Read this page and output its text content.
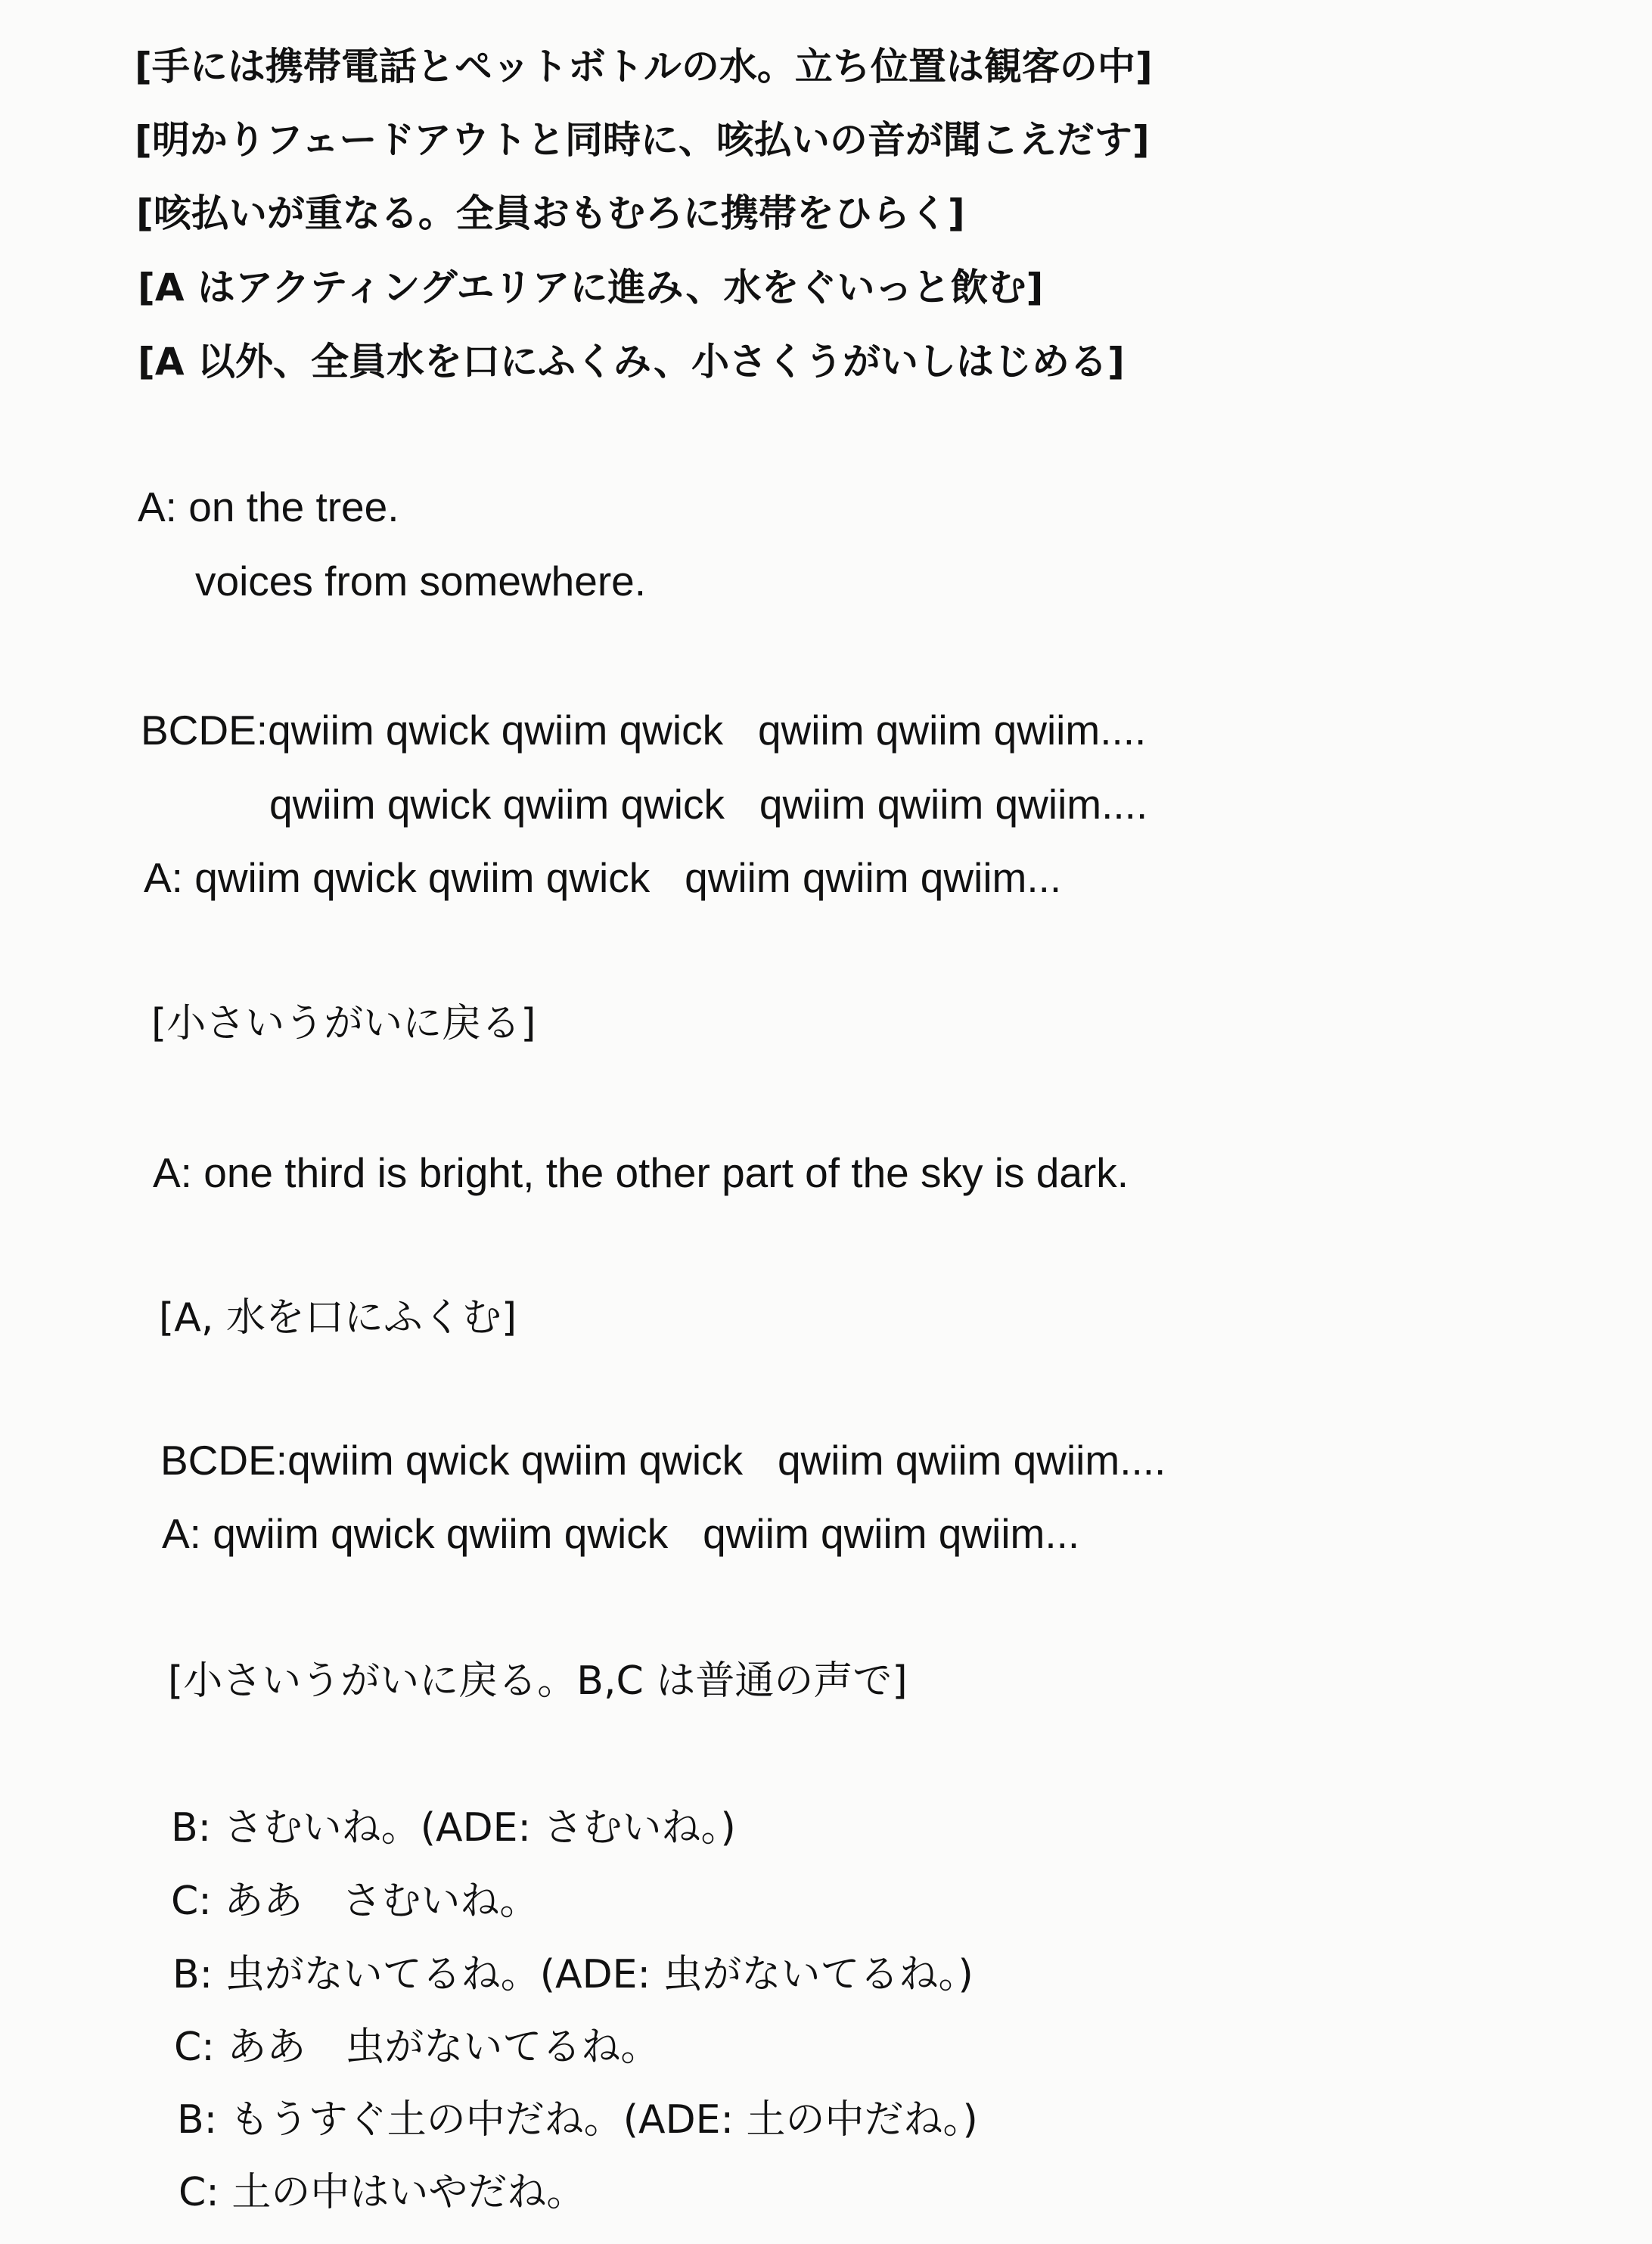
[手には携帯電話とペットボトルの水。立ち位置は観客の中]
[明かりフェードアウトと同時に、咳払いの音が聞こえだす]
[咳払いが重なる。全員おもむろに携帯をひらく]
[A はアクティングエリアに進み、水をぐいっと飲む]
[A 以外、全員水を口にふくみ、小さくうがいしはじめる]
A: on the tree.
voices from somewhere.
BCDE:qwiim qwick qwiim qwick   qwiim qwiim qwiim....
qwiim qwick qwiim qwick   qwiim qwiim qwiim....
A: qwiim qwick qwiim qwick   qwiim qwiim qwiim...
[小さいうがいに戻る]
A: one third is bright, the other part of the sky is dark.
[A, 水を口にふくむ]
BCDE:qwiim qwick qwiim qwick   qwiim qwiim qwiim....
A: qwiim qwick qwiim qwick   qwiim qwiim qwiim...
[小さいうがいに戻る。B,C は普通の声で]
B: さむいね。(ADE: さむいね。)
C: ああ　さむいね。
B: 虫がないてるね。(ADE: 虫がないてるね。)
C: ああ　虫がないてるね。
B: もうすぐ土の中だね。(ADE: 土の中だね。)
C: 土の中はいやだね。
